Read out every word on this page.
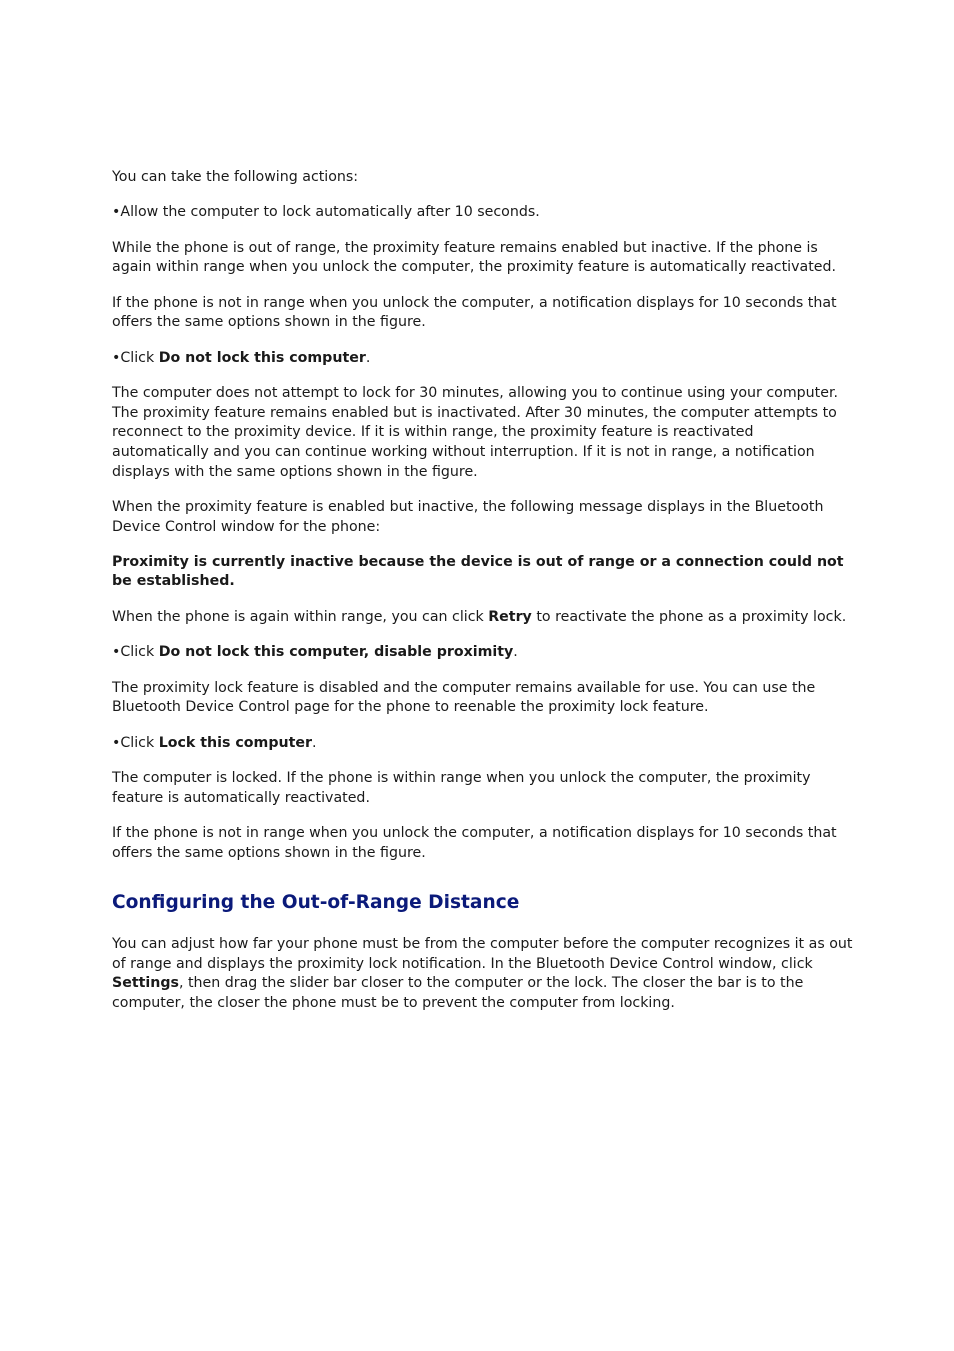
You can take the following actions:

•Allow the computer to lock automatically after 10 seconds.

While the phone is out of range, the proximity feature remains enabled but inactive. If the phone is again within range when you unlock the computer, the proximity feature is automatically reactivated.

If the phone is not in range when you unlock the computer, a notification displays for 10 seconds that offers the same options shown in the figure.

•Click Do not lock this computer.

The computer does not attempt to lock for 30 minutes, allowing you to continue using your computer. The proximity feature remains enabled but is inactivated. After 30 minutes, the computer attempts to reconnect to the proximity device. If it is within range, the proximity feature is reactivated automatically and you can continue working without interruption. If it is not in range, a notification displays with the same options shown in the figure.

When the proximity feature is enabled but inactive, the following message displays in the Bluetooth Device Control window for the phone:

Proximity is currently inactive because the device is out of range or a connection could not be established.

When the phone is again within range, you can click Retry to reactivate the phone as a proximity lock.

•Click Do not lock this computer, disable proximity.

The proximity lock feature is disabled and the computer remains available for use. You can use the Bluetooth Device Control page for the phone to reenable the proximity lock feature.

•Click Lock this computer.

The computer is locked. If the phone is within range when you unlock the computer, the proximity feature is automatically reactivated.

If the phone is not in range when you unlock the computer, a notification displays for 10 seconds that offers the same options shown in the figure.

Configuring the Out-of-Range Distance

You can adjust how far your phone must be from the computer before the computer recognizes it as out of range and displays the proximity lock notification. In the Bluetooth Device Control window, click Settings, then drag the slider bar closer to the computer or the lock. The closer the bar is to the computer, the closer the phone must be to prevent the computer from locking.
